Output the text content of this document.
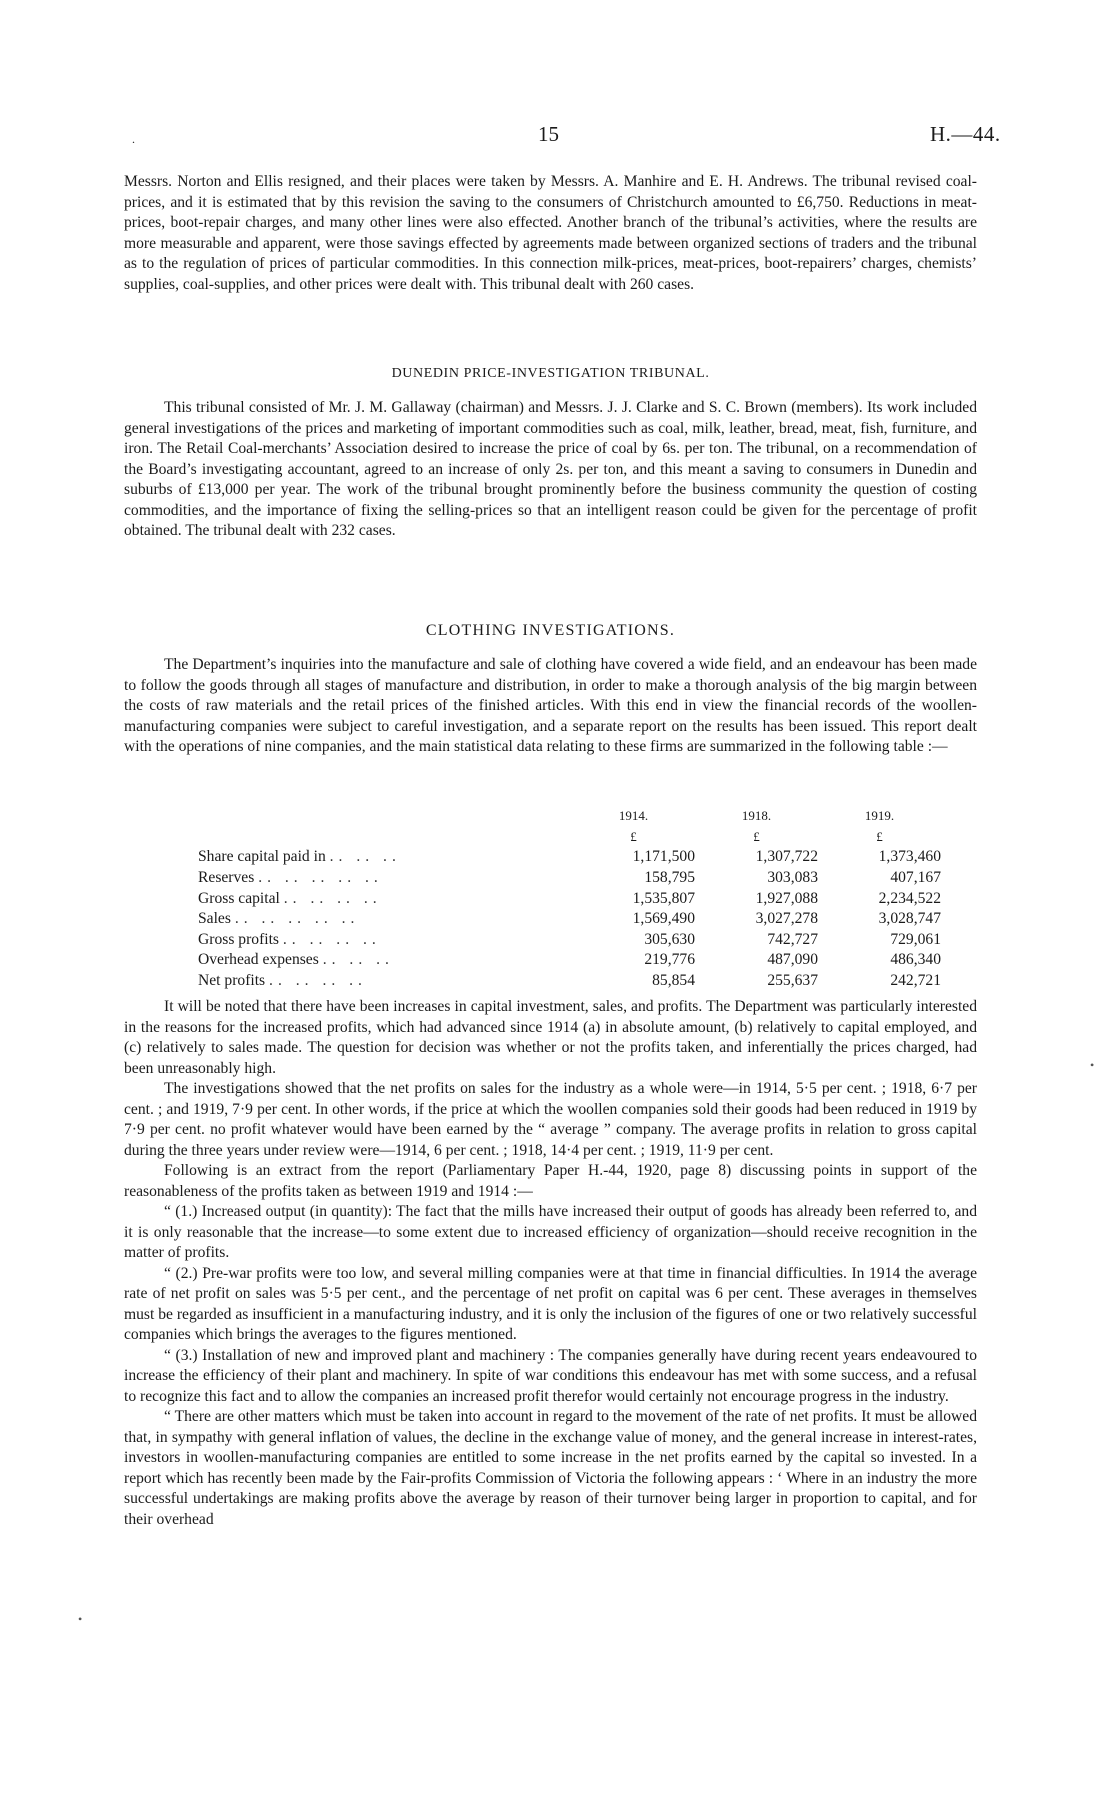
.	15	H.—44.

Messrs. Norton and Ellis resigned, and their places were taken by Messrs. A. Manhire and E. H. Andrews. The tribunal revised coal-prices, and it is estimated that by this revision the saving to the consumers of Christchurch amounted to £6,750. Reductions in meat-prices, boot-repair charges, and many other lines were also effected. Another branch of the tribunal’s activities, where the results are more measurable and apparent, were those savings effected by agreements made between organized sections of traders and the tribunal as to the regulation of prices of particular commodities. In this connection milk-prices, meat-prices, boot-repairers’ charges, chemists’ supplies, coal-supplies, and other prices were dealt with. This tribunal dealt with 260 cases.

DUNEDIN PRICE-INVESTIGATION TRIBUNAL.

This tribunal consisted of Mr. J. M. Gallaway (chairman) and Messrs. J. J. Clarke and S. C. Brown (members). Its work included general investigations of the prices and marketing of important commodities such as coal, milk, leather, bread, meat, fish, furniture, and iron. The Retail Coal-merchants’ Association desired to increase the price of coal by 6s. per ton. The tribunal, on a recommendation of the Board’s investigating accountant, agreed to an increase of only 2s. per ton, and this meant a saving to consumers in Dunedin and suburbs of £13,000 per year. The work of the tribunal brought prominently before the business community the question of costing commodities, and the importance of fixing the selling-prices so that an intelligent reason could be given for the percentage of profit obtained. The tribunal dealt with 232 cases.

CLOTHING INVESTIGATIONS.

The Department’s inquiries into the manufacture and sale of clothing have covered a wide field, and an endeavour has been made to follow the goods through all stages of manufacture and distribution, in order to make a thorough analysis of the big margin between the costs of raw materials and the retail prices of the finished articles. With this end in view the financial records of the woollen-manufacturing companies were subject to careful investigation, and a separate report on the results has been issued. This report dealt with the operations of nine companies, and the main statistical data relating to these firms are summarized in the following table :—

	1914.	1918.	1919.
	£	£	£
Share capital paid in .. .. ..	1,171,500	1,307,722	1,373,460
Reserves .. .. .. .. ..	158,795	303,083	407,167
Gross capital .. .. .. ..	1,535,807	1,927,088	2,234,522
Sales .. .. .. .. ..	1,569,490	3,027,278	3,028,747
Gross profits .. .. .. ..	305,630	742,727	729,061
Overhead expenses .. .. ..	219,776	487,090	486,340
Net profits .. .. .. ..	85,854	255,637	242,721

It will be noted that there have been increases in capital investment, sales, and profits. The Department was particularly interested in the reasons for the increased profits, which had advanced since 1914 (a) in absolute amount, (b) relatively to capital employed, and (c) relatively to sales made. The question for decision was whether or not the profits taken, and inferentially the prices charged, had been unreasonably high.

The investigations showed that the net profits on sales for the industry as a whole were—in 1914, 5·5 per cent. ; 1918, 6·7 per cent. ; and 1919, 7·9 per cent. In other words, if the price at which the woollen companies sold their goods had been reduced in 1919 by 7·9 per cent. no profit whatever would have been earned by the “ average ” company. The average profits in relation to gross capital during the three years under review were—1914, 6 per cent. ; 1918, 14·4 per cent. ; 1919, 11·9 per cent.

Following is an extract from the report (Parliamentary Paper H.-44, 1920, page 8) discussing points in support of the reasonableness of the profits taken as between 1919 and 1914 :—

“ (1.) Increased output (in quantity): The fact that the mills have increased their output of goods has already been referred to, and it is only reasonable that the increase—to some extent due to increased efficiency of organization—should receive recognition in the matter of profits.

“ (2.) Pre-war profits were too low, and several milling companies were at that time in financial difficulties. In 1914 the average rate of net profit on sales was 5·5 per cent., and the percentage of net profit on capital was 6 per cent. These averages in themselves must be regarded as insufficient in a manufacturing industry, and it is only the inclusion of the figures of one or two relatively successful companies which brings the averages to the figures mentioned.

“ (3.) Installation of new and improved plant and machinery : The companies generally have during recent years endeavoured to increase the efficiency of their plant and machinery. In spite of war conditions this endeavour has met with some success, and a refusal to recognize this fact and to allow the companies an increased profit therefor would certainly not encourage progress in the industry.

“ There are other matters which must be taken into account in regard to the movement of the rate of net profits. It must be allowed that, in sympathy with general inflation of values, the decline in the exchange value of money, and the general increase in interest-rates, investors in woollen-manufacturing companies are entitled to some increase in the net profits earned by the capital so invested. In a report which has recently been made by the Fair-profits Commission of Victoria the following appears : ‘ Where in an industry the more successful undertakings are making profits above the average by reason of their turnover being larger in proportion to capital, and for their overhead

•
•
